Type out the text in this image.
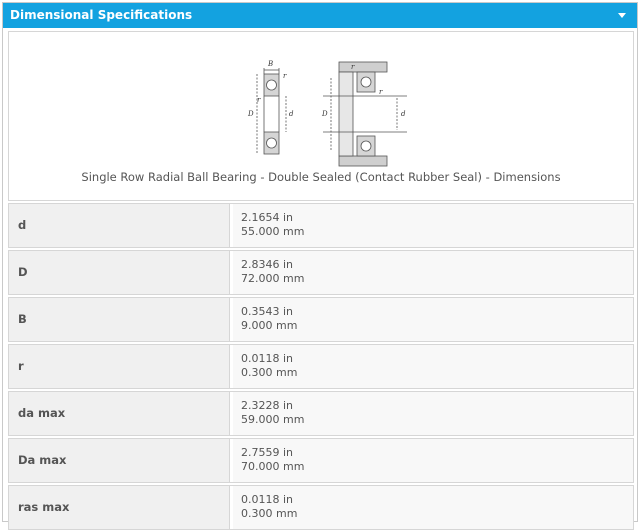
Dimensional Specifications
B
r
r
D	d
r
r
D	d
Single Row Radial Ball Bearing - Double Sealed (Contact Rubber Seal) - Dimensions
d
2.1654 in
55.000 mm
D
2.8346 in
72.000 mm
B
0.3543 in
9.000 mm
r
0.0118 in
0.300 mm
da max
2.3228 in
59.000 mm
Da max
2.7559 in
70.000 mm
ras max
0.0118 in
0.300 mm
